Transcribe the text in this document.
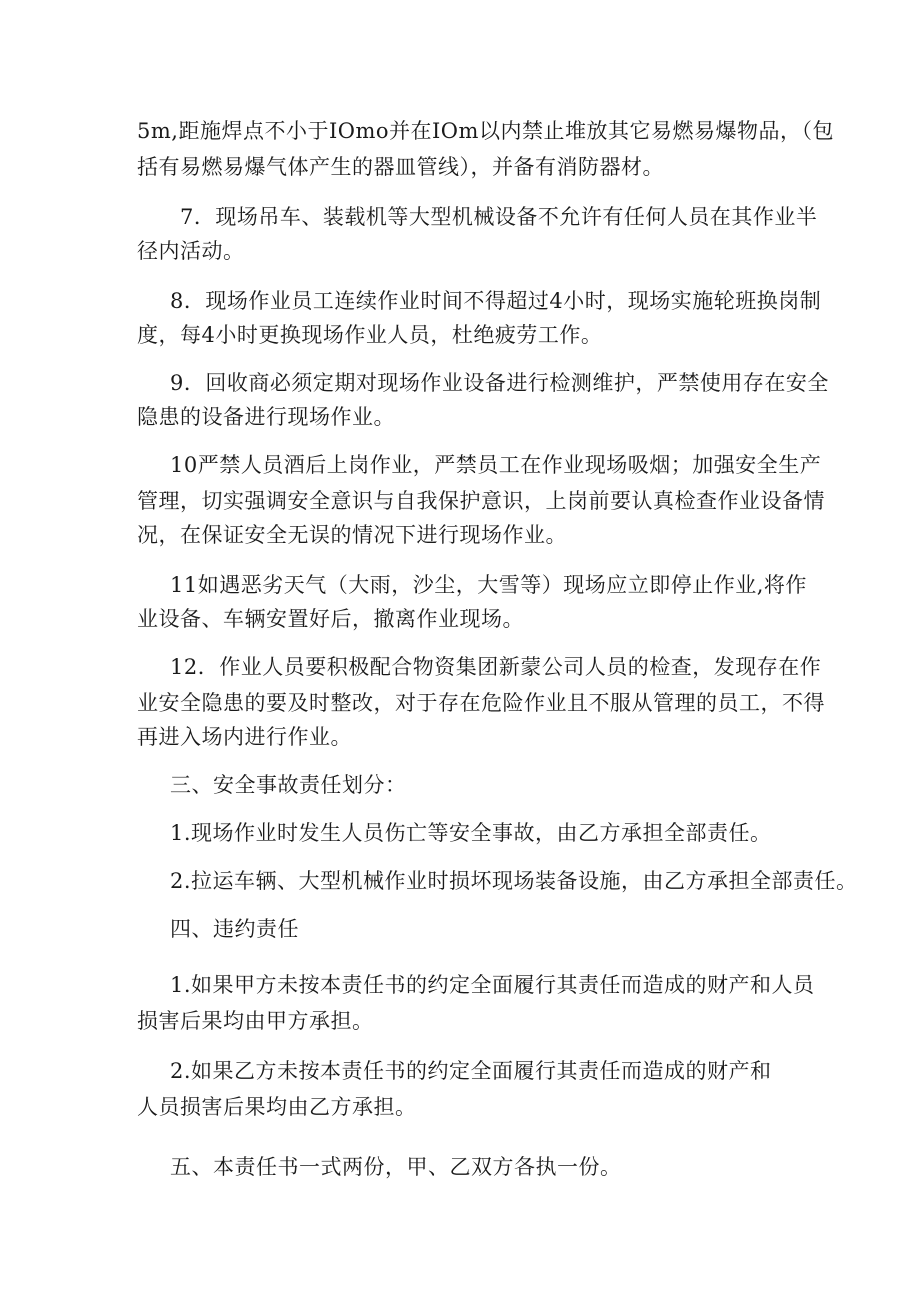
5m,距施焊点不小于IOmo并在IOm以内禁止堆放其它易燃易爆物品，（包
括有易燃易爆气体产生的器皿管线），并备有消防器材。
7．现场吊车、装载机等大型机械设备不允许有任何人员在其作业半
径内活动。
8．现场作业员工连续作业时间不得超过4小时，现场实施轮班换岗制
度，每4小时更换现场作业人员，杜绝疲劳工作。
9．回收商必须定期对现场作业设备进行检测维护，严禁使用存在安全
隐患的设备进行现场作业。
10严禁人员酒后上岗作业，严禁员工在作业现场吸烟；加强安全生产
管理，切实强调安全意识与自我保护意识，上岗前要认真检查作业设备情
况，在保证安全无误的情况下进行现场作业。
11如遇恶劣天气（大雨，沙尘，大雪等）现场应立即停止作业,将作
业设备、车辆安置好后，撤离作业现场。
12．作业人员要积极配合物资集团新蒙公司人员的检查，发现存在作
业安全隐患的要及时整改，对于存在危险作业且不服从管理的员工，不得
再进入场内进行作业。
三、安全事故责任划分：
1.现场作业时发生人员伤亡等安全事故，由乙方承担全部责任。
2.拉运车辆、大型机械作业时损坏现场装备设施，由乙方承担全部责任。
四、违约责任
1.如果甲方未按本责任书的约定全面履行其责任而造成的财产和人员
损害后果均由甲方承担。
2.如果乙方未按本责任书的约定全面履行其责任而造成的财产和
人员损害后果均由乙方承担。
五、本责任书一式两份，甲、乙双方各执一份。
